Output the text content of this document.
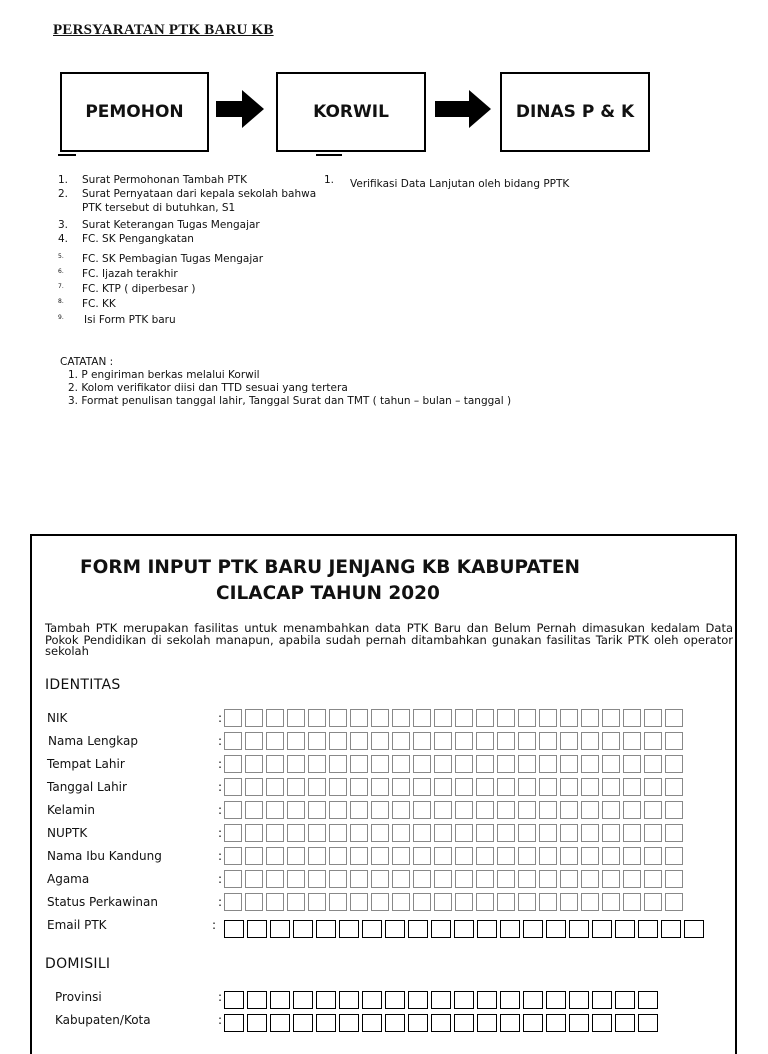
PERSYARATAN PTK BARU KB
PEMOHON	KORWIL	DINAS P & K
1. Surat Permohonan Tambah PTK
2. Surat Pernyataan dari kepala sekolah bahwa
PTK tersebut di butuhkan, S1
3. Surat Keterangan Tugas Mengajar
4. FC. SK Pengangkatan
5. FC. SK Pembagian Tugas Mengajar
6. FC. Ijazah terakhir
7. FC. KTP ( diperbesar )
8. FC. KK
9. Isi Form PTK baru
1. Verifikasi Data Lanjutan oleh bidang PPTK
CATATAN :
1. P engiriman berkas melalui Korwil
2. Kolom verifikator diisi dan TTD sesuai yang tertera
3. Format penulisan tanggal lahir, Tanggal Surat dan TMT ( tahun – bulan – tanggal )
FORM INPUT PTK BARU JENJANG KB KABUPATEN
CILACAP TAHUN 2020
Tambah PTK merupakan fasilitas untuk menambahkan data PTK Baru dan Belum Pernah dimasukan kedalam Data Pokok Pendidikan di sekolah manapun, apabila sudah pernah ditambahkan gunakan fasilitas Tarik PTK oleh operator sekolah
IDENTITAS
NIK	:
Nama Lengkap	:
Tempat Lahir	:
Tanggal Lahir	:
Kelamin	:
NUPTK	:
Nama Ibu Kandung	:
Agama	:
Status Perkawinan	:
Email PTK	:
DOMISILI
Provinsi	:
Kabupaten/Kota	:
